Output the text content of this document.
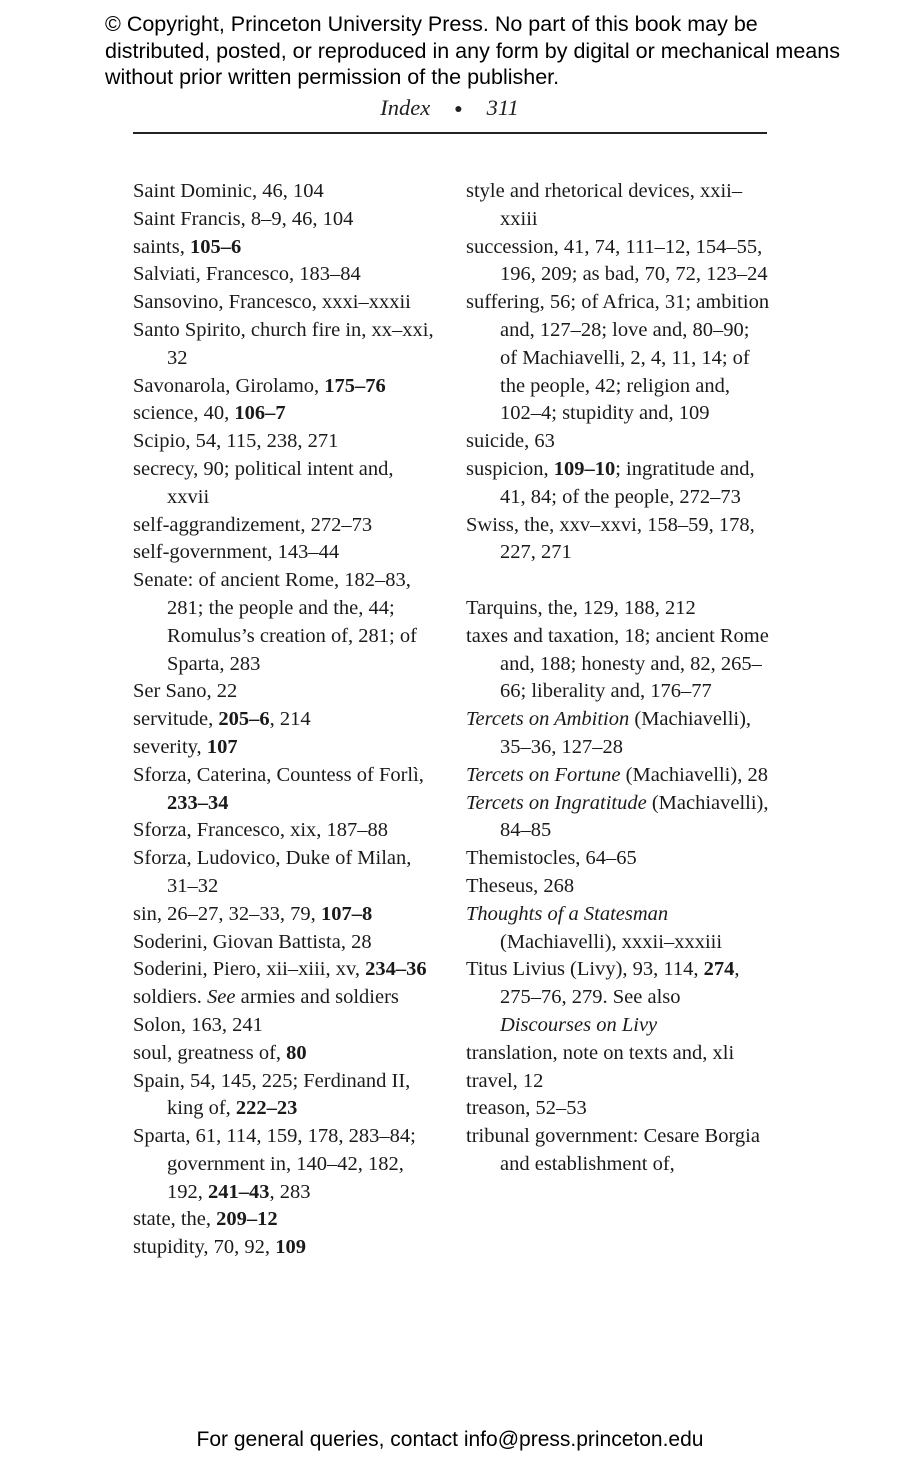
© Copyright, Princeton University Press. No part of this book may be distributed, posted, or reproduced in any form by digital or mechanical means without prior written permission of the publisher.
Index ● 311

Saint Dominic, 46, 104

Saint Francis, 8–9, 46, 104

saints, 105–6

Salviati, Francesco, 183–84

Sansovino, Francesco, xxxi–xxxii

Santo Spirito, church fire in, xx–xxi, 32

Savonarola, Girolamo, 175–76

science, 40, 106–7

Scipio, 54, 115, 238, 271

secrecy, 90; political intent and, xxvii

self-aggrandizement, 272–73

self-government, 143–44

Senate: of ancient Rome, 182–83, 281; the people and the, 44; Romulus’s creation of, 281; of Sparta, 283

Ser Sano, 22

servitude, 205–6, 214

severity, 107

Sforza, Caterina, Countess of Forlì, 233–34

Sforza, Francesco, xix, 187–88

Sforza, Ludovico, Duke of Milan, 31–32

sin, 26–27, 32–33, 79, 107–8

Soderini, Giovan Battista, 28

Soderini, Piero, xii–xiii, xv, 234–36

soldiers. See armies and soldiers

Solon, 163, 241

soul, greatness of, 80

Spain, 54, 145, 225; Ferdinand II, king of, 222–23

Sparta, 61, 114, 159, 178, 283–84; government in, 140–42, 182, 192, 241–43, 283

state, the, 209–12

stupidity, 70, 92, 109

style and rhetorical devices, xxii–xxiii

succession, 41, 74, 111–12, 154–55, 196, 209; as bad, 70, 72, 123–24

suffering, 56; of Africa, 31; ambition and, 127–28; love and, 80–90; of Machiavelli, 2, 4, 11, 14; of the people, 42; religion and, 102–4; stupidity and, 109

suicide, 63

suspicion, 109–10; ingratitude and, 41, 84; of the people, 272–73

Swiss, the, xxv–xxvi, 158–59, 178, 227, 271

Tarquins, the, 129, 188, 212

taxes and taxation, 18; ancient Rome and, 188; honesty and, 82, 265–66; liberality and, 176–77

Tercets on Ambition (Machiavelli), 35–36, 127–28

Tercets on Fortune (Machiavelli), 28

Tercets on Ingratitude (Machiavelli), 84–85

Themistocles, 64–65

Theseus, 268

Thoughts of a Statesman (Machiavelli), xxxii–xxxiii

Titus Livius (Livy), 93, 114, 274, 275–76, 279. See also Discourses on Livy

translation, note on texts and, xli

travel, 12

treason, 52–53

tribunal government: Cesare Borgia and establishment of,

For general queries, contact info@press.princeton.edu
